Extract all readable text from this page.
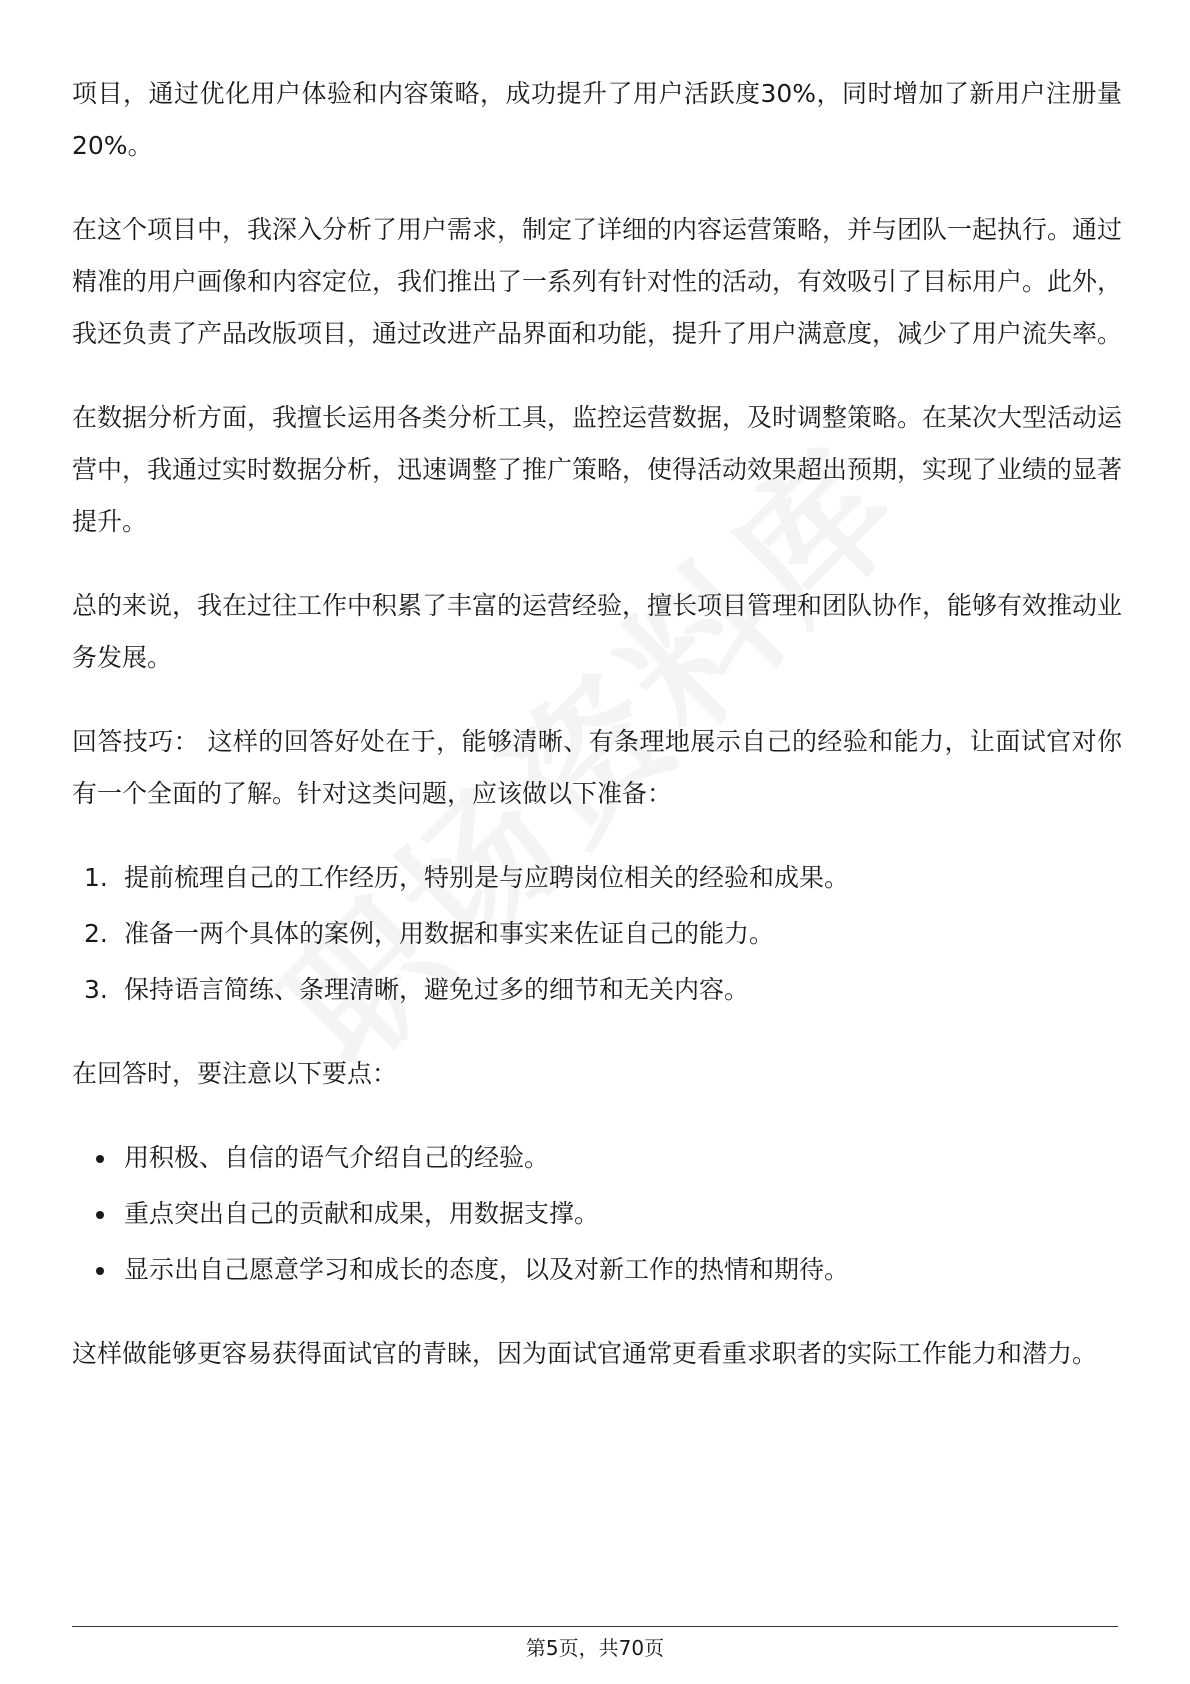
项目，通过优化用户体验和内容策略，成功提升了用户活跃度30%，同时增加了新用户注册量20%。

在这个项目中，我深入分析了用户需求，制定了详细的内容运营策略，并与团队一起执行。通过精准的用户画像和内容定位，我们推出了一系列有针对性的活动，有效吸引了目标用户。此外，我还负责了产品改版项目，通过改进产品界面和功能，提升了用户满意度，减少了用户流失率。

在数据分析方面，我擅长运用各类分析工具，监控运营数据，及时调整策略。在某次大型活动运营中，我通过实时数据分析，迅速调整了推广策略，使得活动效果超出预期，实现了业绩的显著提升。

总的来说，我在过往工作中积累了丰富的运营经验，擅长项目管理和团队协作，能够有效推动业务发展。

回答技巧： 这样的回答好处在于，能够清晰、有条理地展示自己的经验和能力，让面试官对你有一个全面的了解。针对这类问题，应该做以下准备：

1. 提前梳理自己的工作经历，特别是与应聘岗位相关的经验和成果。
2. 准备一两个具体的案例，用数据和事实来佐证自己的能力。
3. 保持语言简练、条理清晰，避免过多的细节和无关内容。

在回答时，要注意以下要点：

用积极、自信的语气介绍自己的经验。
重点突出自己的贡献和成果，用数据支撑。
显示出自己愿意学习和成长的态度，以及对新工作的热情和期待。

这样做能够更容易获得面试官的青睐，因为面试官通常更看重求职者的实际工作能力和潜力。

第5页，共70页
